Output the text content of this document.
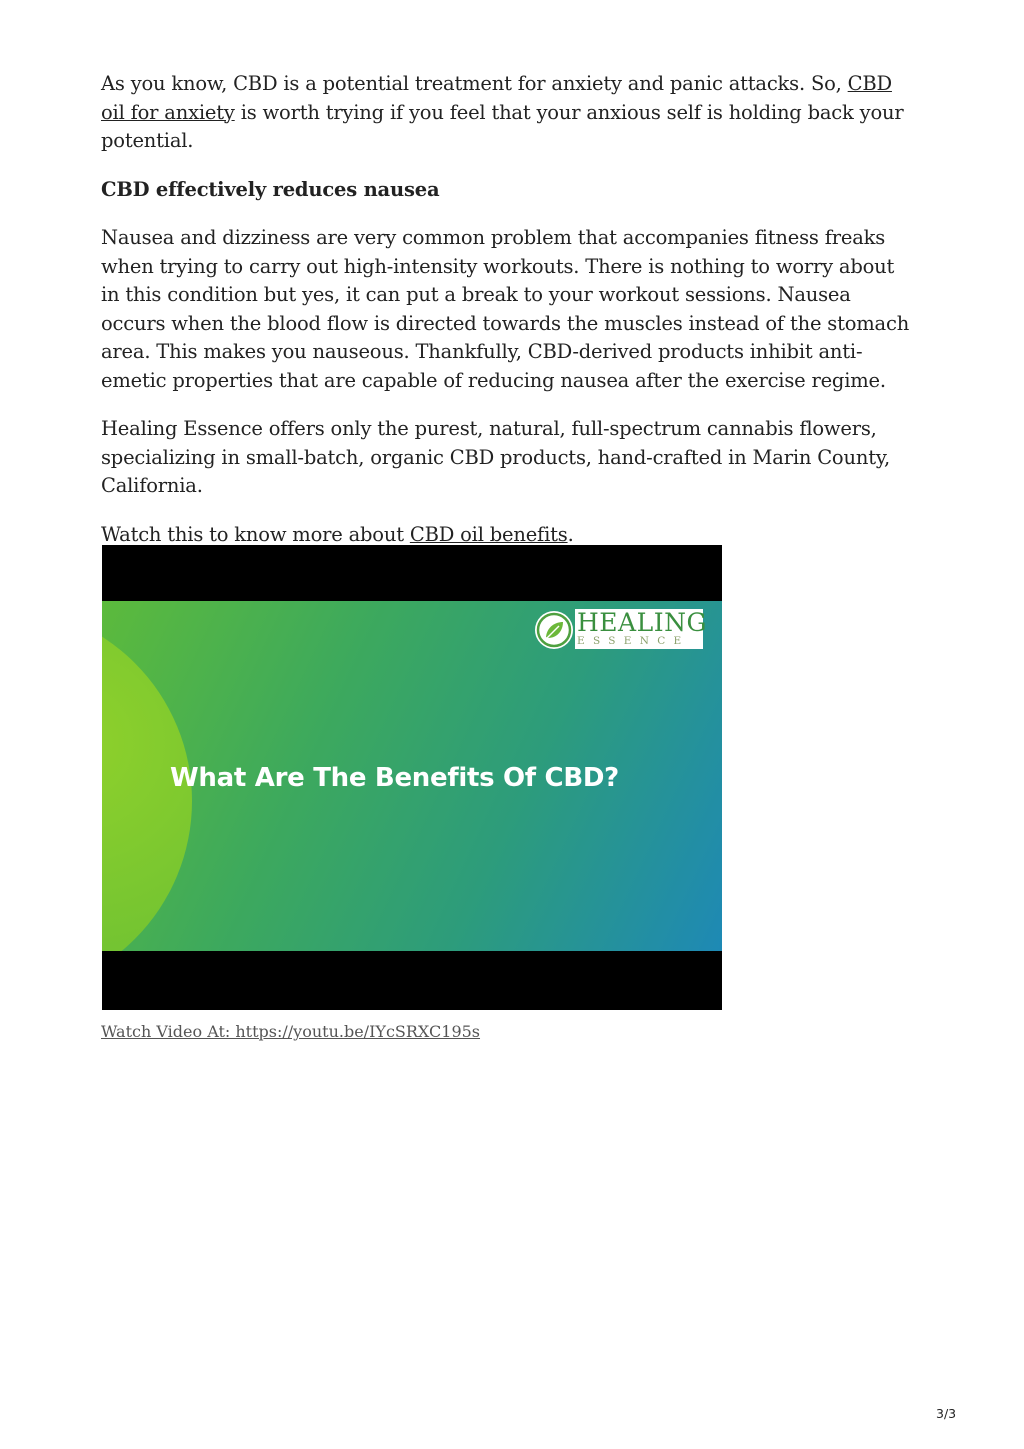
As you know, CBD is a potential treatment for anxiety and panic attacks. So, CBD oil for anxiety is worth trying if you feel that your anxious self is holding back your potential.

CBD effectively reduces nausea

Nausea and dizziness are very common problem that accompanies fitness freaks when trying to carry out high-intensity workouts. There is nothing to worry about in this condition but yes, it can put a break to your workout sessions. Nausea occurs when the blood flow is directed towards the muscles instead of the stomach area. This makes you nauseous. Thankfully, CBD-derived products inhibit anti-emetic properties that are capable of reducing nausea after the exercise regime.

Healing Essence offers only the purest, natural, full-spectrum cannabis flowers, specializing in small-batch, organic CBD products, hand-crafted in Marin County, California.

Watch this to know more about CBD oil benefits.

HEALING
ESSENCE
What Are The Benefits Of CBD?
Watch Video At: https://youtu.be/IYcSRXC195s
3/3
